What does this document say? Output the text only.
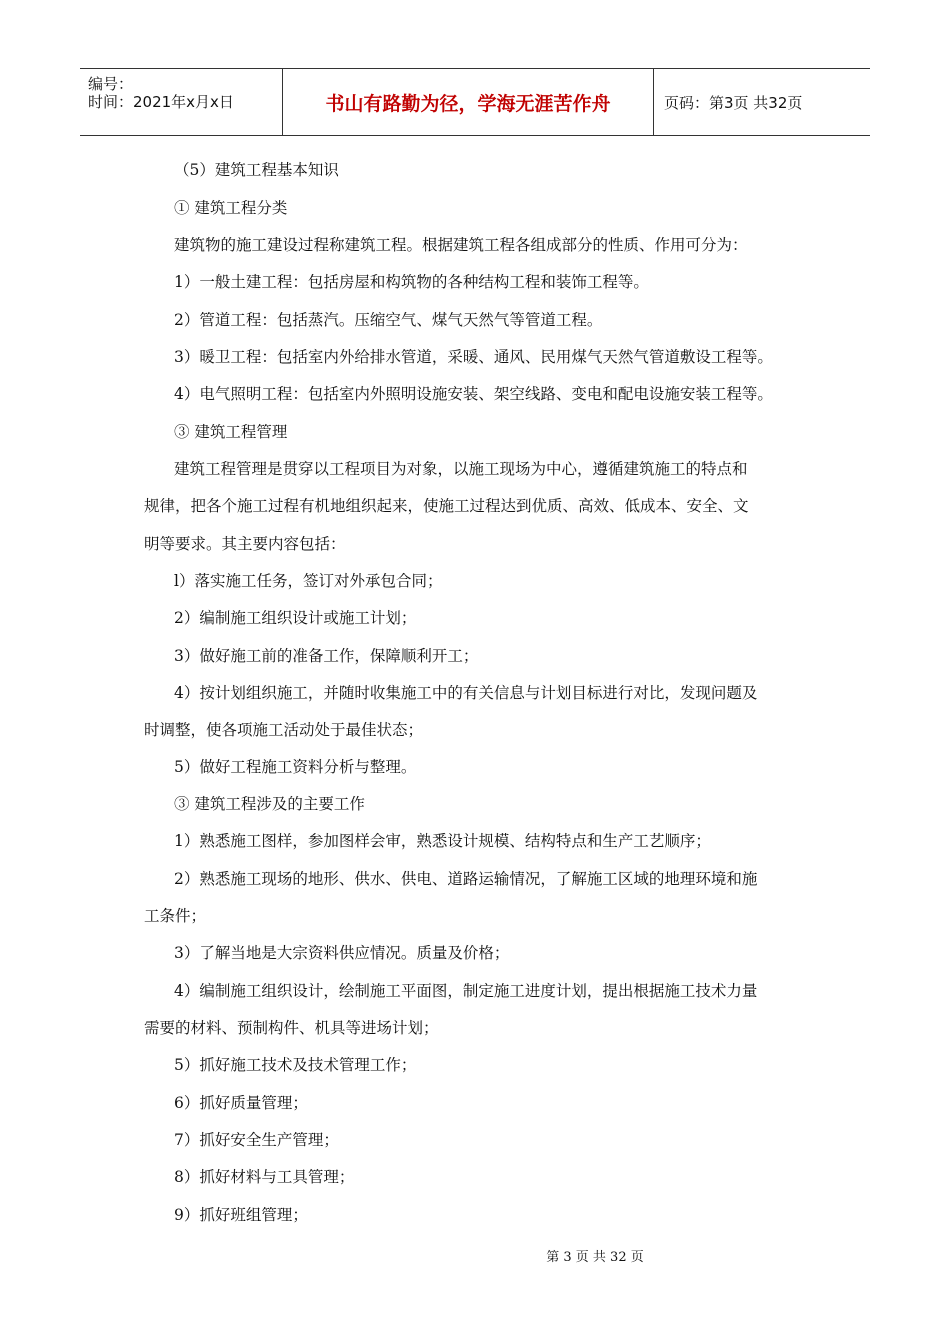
编号：
时间：2021年x月x日	书山有路勤为径，学海无涯苦作舟	页码：第3页 共32页
（5）建筑工程基本知识
① 建筑工程分类
建筑物的施工建设过程称建筑工程。根据建筑工程各组成部分的性质、作用可分为：
1）一般土建工程：包括房屋和构筑物的各种结构工程和装饰工程等。
2）管道工程：包括蒸汽。压缩空气、煤气天然气等管道工程。
3）暖卫工程：包括室内外给排水管道，采暖、通风、民用煤气天然气管道敷设工程等。
4）电气照明工程：包括室内外照明设施安装、架空线路、变电和配电设施安装工程等。
③ 建筑工程管理
建筑工程管理是贯穿以工程项目为对象，以施工现场为中心，遵循建筑施工的特点和
规律，把各个施工过程有机地组织起来，使施工过程达到优质、高效、低成本、安全、文
明等要求。其主要内容包括：
l）落实施工任务，签订对外承包合同；
2）编制施工组织设计或施工计划；
3）做好施工前的准备工作，保障顺利开工；
4）按计划组织施工，并随时收集施工中的有关信息与计划目标进行对比，发现问题及
时调整，使各项施工活动处于最佳状态；
5）做好工程施工资料分析与整理。
③ 建筑工程涉及的主要工作
1）熟悉施工图样，参加图样会审，熟悉设计规模、结构特点和生产工艺顺序；
2）熟悉施工现场的地形、供水、供电、道路运输情况，了解施工区域的地理环境和施
工条件；
3）了解当地是大宗资料供应情况。质量及价格；
4）编制施工组织设计，绘制施工平面图，制定施工进度计划，提出根据施工技术力量
需要的材料、预制构件、机具等进场计划；
5）抓好施工技术及技术管理工作；
6）抓好质量管理；
7）抓好安全生产管理；
8）抓好材料与工具管理；
9）抓好班组管理；
第 3 页 共 32 页
